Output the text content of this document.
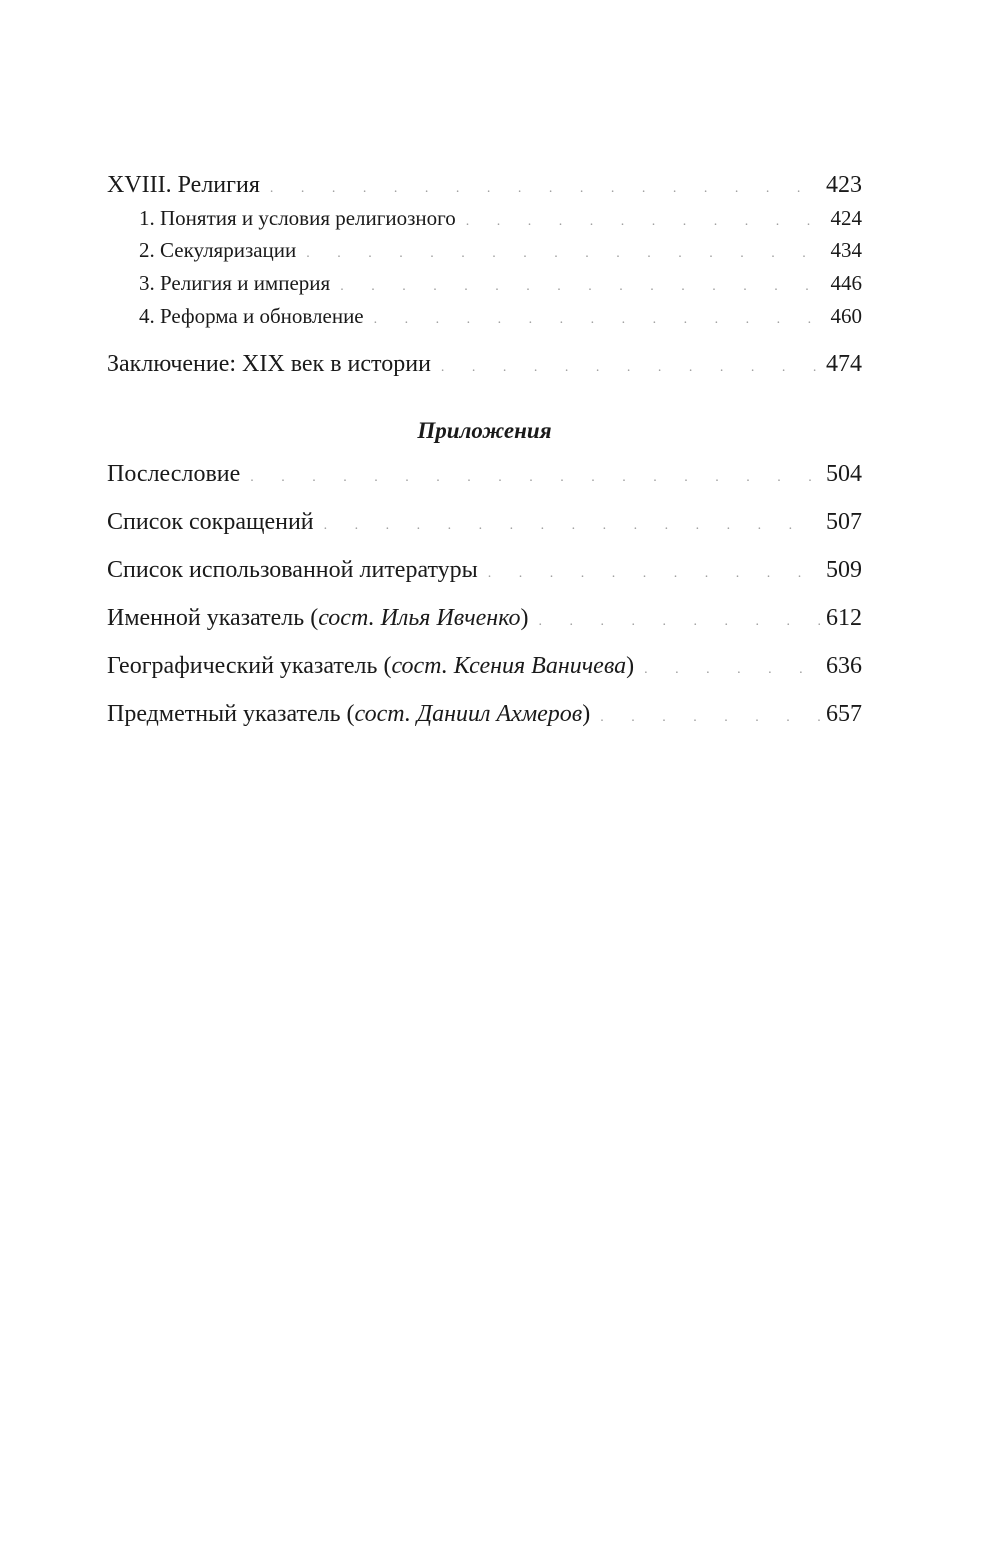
XVIII. Религия . . .	423
1. Понятия и условия религиозного . . .	424
2. Секуляризации . . .	434
3. Религия и империя . . .	446
4. Реформа и обновление . . .	460
Заключение: XIX век в истории . . .	474
Приложения
Послесловие . . .	504
Список сокращений . . .	507
Список использованной литературы . . .	509
Именной указатель (сост. Илья Ивченко) . . .	612
Географический указатель (сост. Ксения Ваничева) . . .	636
Предметный указатель (сост. Даниил Ахмеров) . . .	657
